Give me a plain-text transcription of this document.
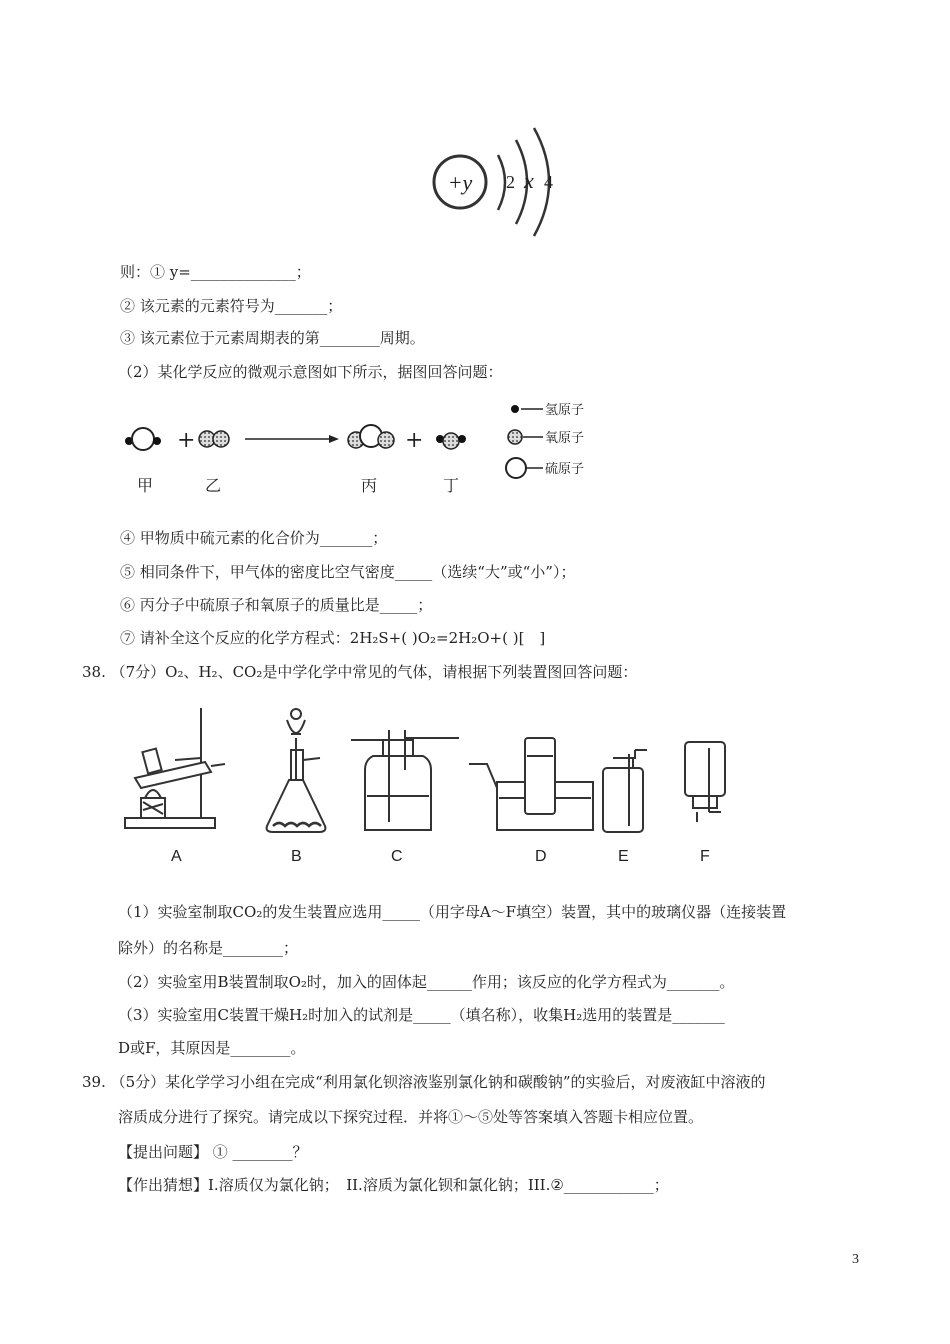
+y 2 x 4
则：① y=______________；
② 该元素的元素符号为_______；
③ 该元素位于元素周期表的第________周期。
（2）某化学反应的微观示意图如下所示，据图回答问题：
+	+
甲	乙	丙	丁
氢原子
氧原子
硫原子
④ 甲物质中硫元素的化合价为_______；
⑤ 相同条件下，甲气体的密度比空气密度_____（选续“大”或“小”）；
⑥ 丙分子中硫原子和氧原子的质量比是_____；
⑦ 请补全这个反应的化学方程式：2H₂S+( )O₂=2H₂O+( )[　]
38. （7分）O₂、H₂、CO₂是中学化学中常见的气体，请根据下列装置图回答问题：
A	B	C	D	E	F
（1）实验室制取CO₂的发生装置应选用_____（用字母A～F填空）装置，其中的玻璃仪器（连接装置
除外）的名称是________；
（2）实验室用B装置制取O₂时，加入的固体起______作用；该反应的化学方程式为_______。
（3）实验室用C装置干燥H₂时加入的试剂是_____（填名称），收集H₂选用的装置是_______
D或F，其原因是________。
39. （5分）某化学学习小组在完成“利用氯化钡溶液鉴别氯化钠和碳酸钠”的实验后，对废液缸中溶液的
溶质成分进行了探究。请完成以下探究过程．并将①～⑤处等答案填入答题卡相应位置。
【提出问题】 ① ________？
【作出猜想】I.溶质仅为氯化钠；　II.溶质为氯化钡和氯化钠；III.②____________；
3
